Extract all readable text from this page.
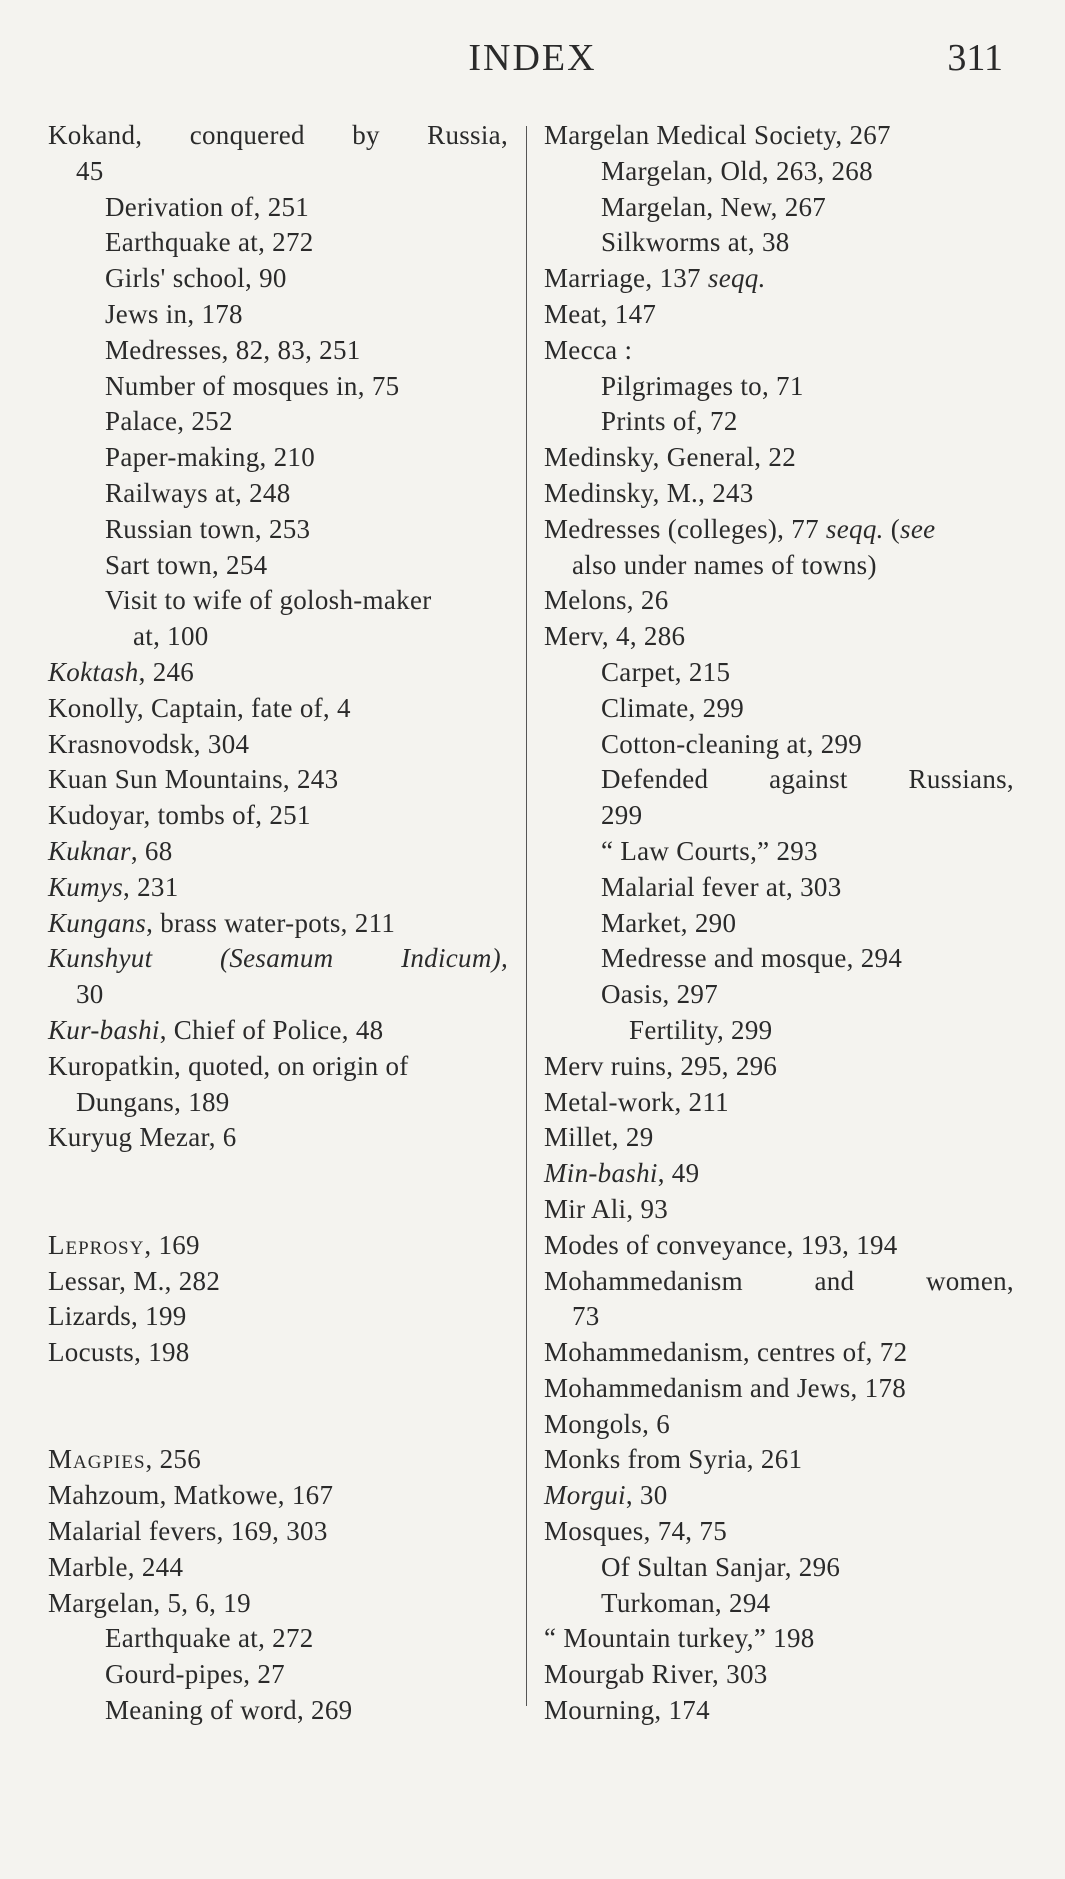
INDEX	311
Kokand, conquered by Russia,
45
Derivation of, 251
Earthquake at, 272
Girls' school, 90
Jews in, 178
Medresses, 82, 83, 251
Number of mosques in, 75
Palace, 252
Paper-making, 210
Railways at, 248
Russian town, 253
Sart town, 254
Visit to wife of golosh-maker
at, 100
Koktash, 246
Konolly, Captain, fate of, 4
Krasnovodsk, 304
Kuan Sun Mountains, 243
Kudoyar, tombs of, 251
Kuknar, 68
Kumys, 231
Kungans, brass water-pots, 211
Kunshyut	(Sesamum	Indicum),
30
Kur-bashi, Chief of Police, 48
Kuropatkin, quoted, on origin of
Dungans, 189
Kuryug Mezar, 6
Leprosy, 169
Lessar, M., 282
Lizards, 199
Locusts, 198
Magpies, 256
Mahzoum, Matkowe, 167
Malarial fevers, 169, 303
Marble, 244
Margelan, 5, 6, 19
Earthquake at, 272
Gourd-pipes, 27
Meaning of word, 269
Margelan Medical Society, 267
Margelan, Old, 263, 268
Margelan, New, 267
Silkworms at, 38
Marriage, 137 seqq.
Meat, 147
Mecca :
Pilgrimages to, 71
Prints of, 72
Medinsky, General, 22
Medinsky, M., 243
Medresses (colleges), 77 seqq. (see
also under names of towns)
Melons, 26
Merv, 4, 286
Carpet, 215
Climate, 299
Cotton-cleaning at, 299
Defended against Russians,
299
“ Law Courts,” 293
Malarial fever at, 303
Market, 290
Medresse and mosque, 294
Oasis, 297
Fertility, 299
Merv ruins, 295, 296
Metal-work, 211
Millet, 29
Min-bashi, 49
Mir Ali, 93
Modes of conveyance, 193, 194
Mohammedanism	and	women,
73
Mohammedanism, centres of, 72
Mohammedanism and Jews, 178
Mongols, 6
Monks from Syria, 261
Morgui, 30
Mosques, 74, 75
Of Sultan Sanjar, 296
Turkoman, 294
“ Mountain turkey,” 198
Mourgab River, 303
Mourning, 174
